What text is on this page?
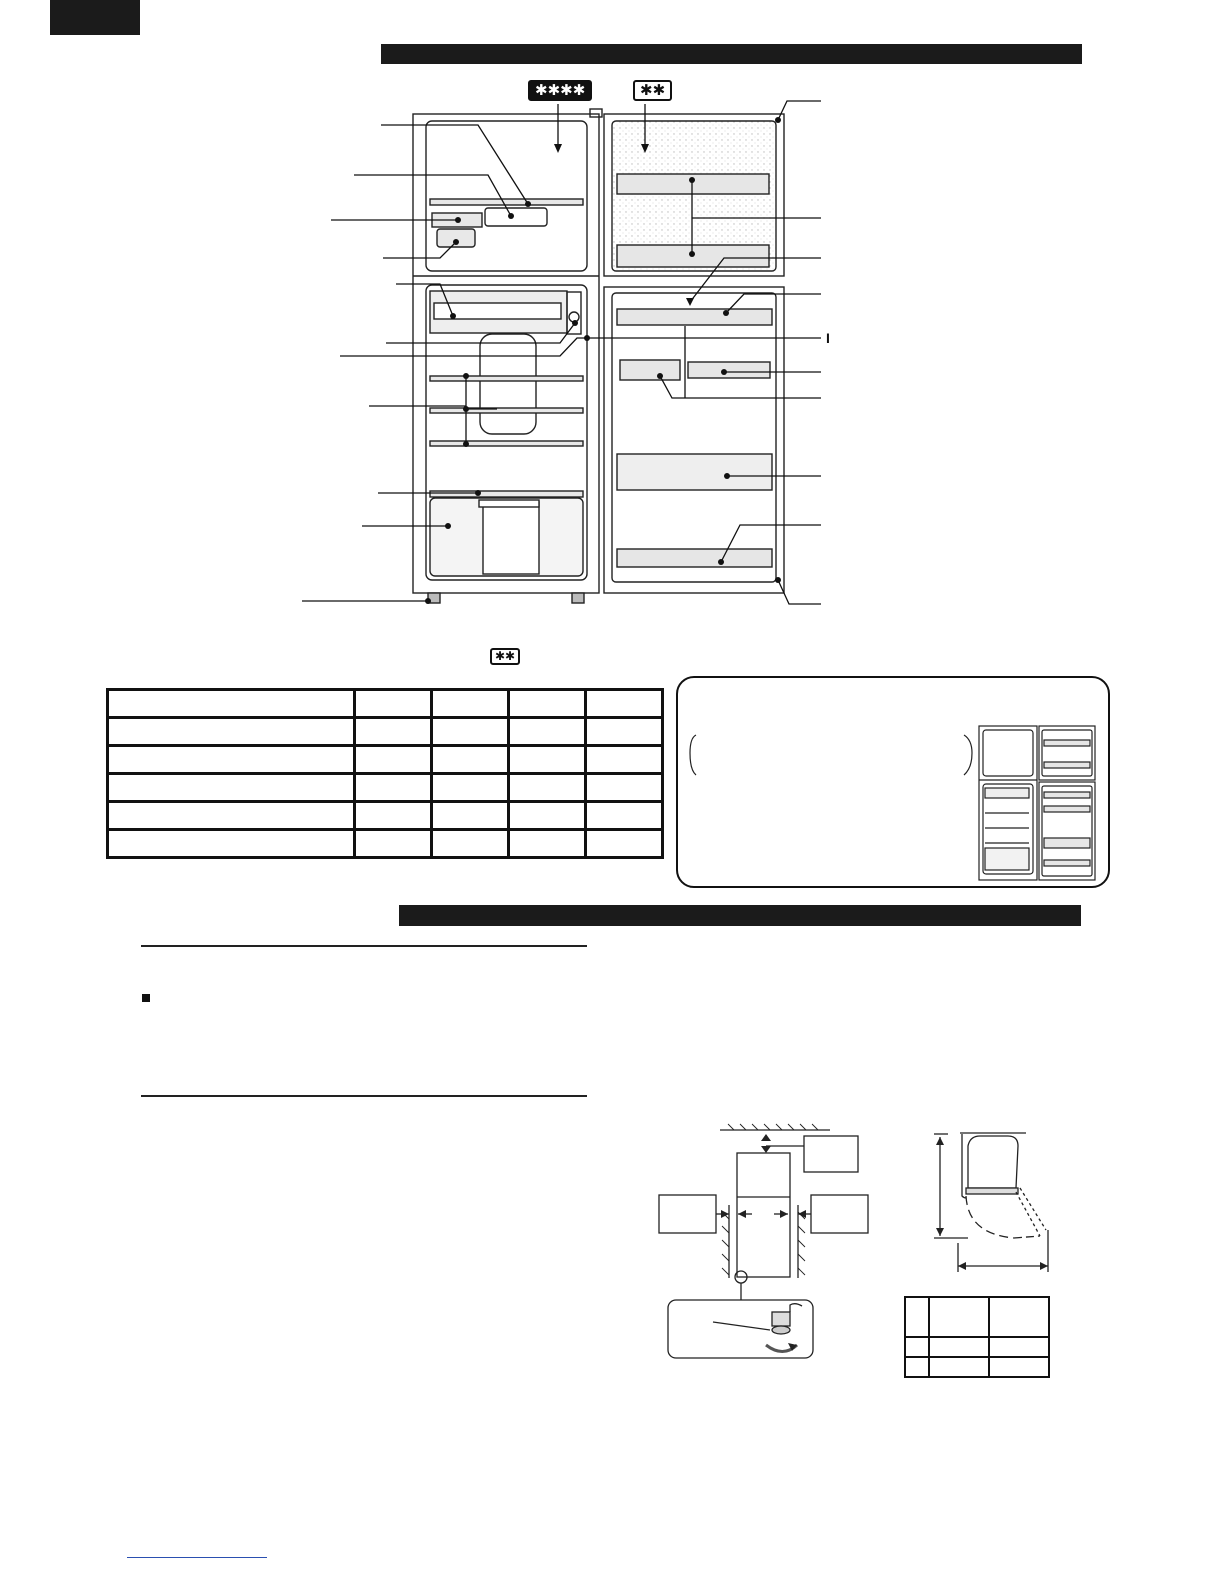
✱✱✱✱	✱✱
✱✱
I
